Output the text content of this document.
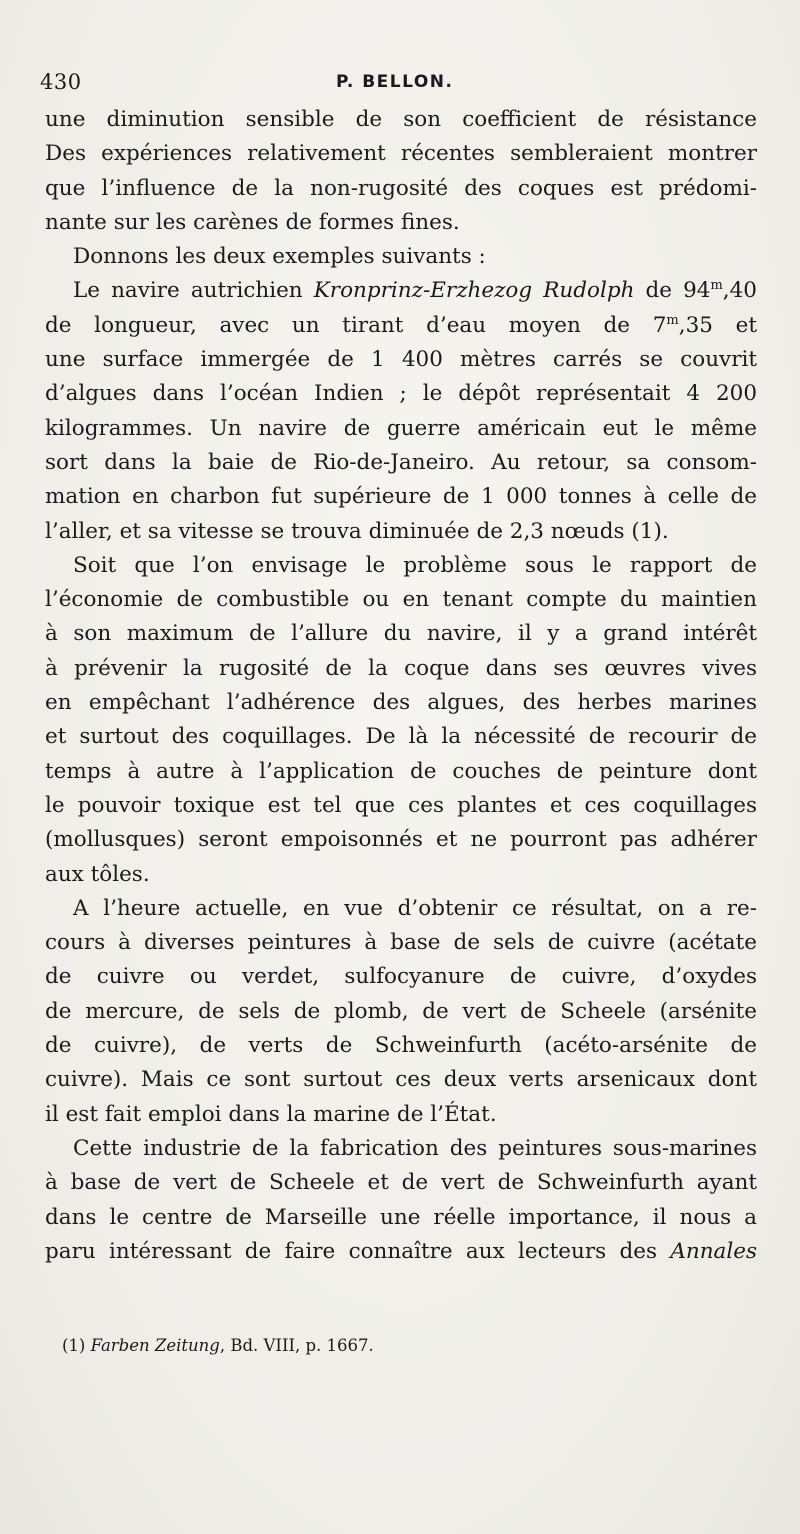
430	P. BELLON.
une diminution sensible de son coefficient de résistance
Des expériences relativement récentes sembleraient montrer
que l’influence de la non-rugosité des coques est prédomi-
nante sur les carènes de formes fines.
Donnons les deux exemples suivants :
Le navire autrichien Kronprinz-Erzhezog Rudolph de 94$^m$,40
de longueur, avec un tirant d’eau moyen de 7$^m$,35 et
une surface immergée de 1 400 mètres carrés se couvrit
d’algues dans l’océan Indien ; le dépôt représentait 4 200
kilogrammes. Un navire de guerre américain eut le même
sort dans la baie de Rio-de-Janeiro. Au retour, sa consom-
mation en charbon fut supérieure de 1 000 tonnes à celle de
l’aller, et sa vitesse se trouva diminuée de 2,3 nœuds (1).
Soit que l’on envisage le problème sous le rapport de
l’économie de combustible ou en tenant compte du maintien
à son maximum de l’allure du navire, il y a grand intérêt
à prévenir la rugosité de la coque dans ses œuvres vives
en empêchant l’adhérence des algues, des herbes marines
et surtout des coquillages. De là la nécessité de recourir de
temps à autre à l’application de couches de peinture dont
le pouvoir toxique est tel que ces plantes et ces coquillages
(mollusques) seront empoisonnés et ne pourront pas adhérer
aux tôles.
A l’heure actuelle, en vue d’obtenir ce résultat, on a re-
cours à diverses peintures à base de sels de cuivre (acétate
de cuivre ou verdet, sulfocyanure de cuivre, d’oxydes
de mercure, de sels de plomb, de vert de Scheele (arsénite
de cuivre), de verts de Schweinfurth (acéto-arsénite de
cuivre). Mais ce sont surtout ces deux verts arsenicaux dont
il est fait emploi dans la marine de l’État.
Cette industrie de la fabrication des peintures sous-marines
à base de vert de Scheele et de vert de Schweinfurth ayant
dans le centre de Marseille une réelle importance, il nous a
paru intéressant de faire connaître aux lecteurs des Annales
(1) Farben Zeitung, Bd. VIII, p. 1667.
